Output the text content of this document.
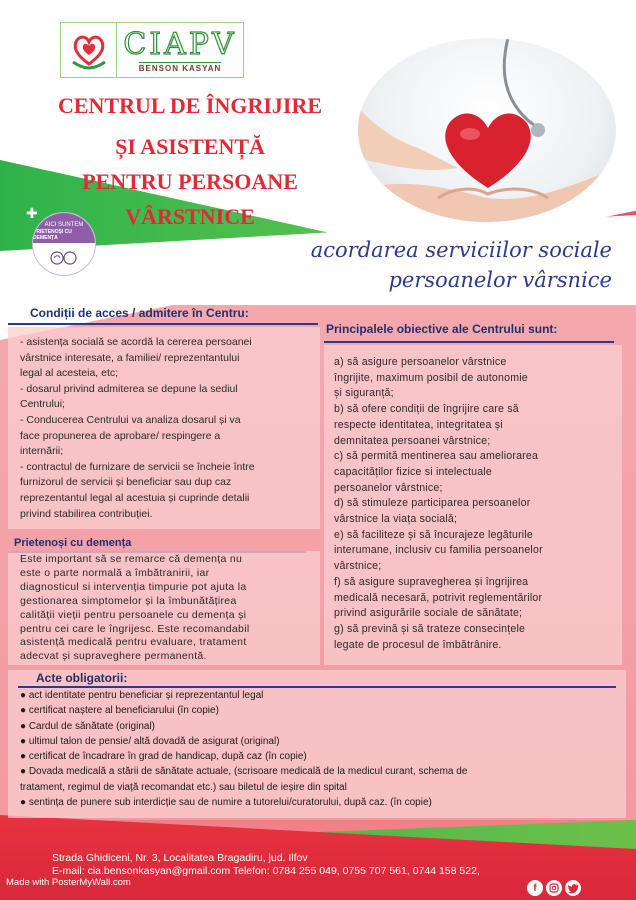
CIAPV
BENSON KASYAN
✚
✚
✚
CENTRUL DE ÎNGRIJIRE
ȘI ASISTENȚĂ
PENTRU PERSOANE
VÂRSTNICE
AICI SUNTEM
PRIETENOȘI CU DEMENȚA	acordarea serviciilor sociale
persoanelor vârsnice
Condiții de acces / admitere în Centru:
- asistența socială se acordă la cererea persoanei
vârstnice interesate, a familiei/ reprezentantului
legal al acesteia, etc;
- dosarul privind admiterea se depune la sediul
Centrului;
- Conducerea Centrului va analiza dosarul și va
face propunerea de aprobare/ respingere a
internării;
- contractul de furnizare de servicii se încheie între
furnizorul de servicii și beneficiar sau dup caz
reprezentantul legal al acestuia și cuprinde detalii
privind stabilirea contribuției.
Prietenoși cu demența
Este important să se remarce că demența nu
este o parte normală a îmbătranirii, iar
diagnosticul si intervenția timpurie pot ajuta la
gestionarea simptomelor și la îmbunătățirea
calității vieții pentru persoanele cu demența și
pentru cei care le îngrijesc. Este recomandabil
asistență medicală pentru evaluare, tratament
adecvat și supraveghere permanentă.
Principalele obiective ale Centrului sunt:
a) să asigure persoanelor vârstnice
îngrijite, maximum posibil de autonomie
și siguranță;
b) să ofere condiții de îngrijire care să
respecte identitatea, integritatea și
demnitatea persoanei vârstnice;
c) să permită mentinerea sau ameliorarea
capacităților fizice si intelectuale
persoanelor vârstnice;
d) să stimuleze participarea persoanelor
vârstnice la viața socială;
e) să faciliteze și să încurajeze legăturile
interumane, inclusiv cu familia persoanelor
vârstnice;
f) să asigure supravegherea și îngrijirea
medicală necesară, potrivit reglementărilor
privind asigurările sociale de sănătate;
g) să prevină și să trateze consecințele
legate de procesul de îmbătrânire.
Acte obligatorii:
● act identitate pentru beneficiar și reprezentantul legal
● certificat naștere al beneficiarului (în copie)
● Cardul de sănătate (original)
● ultimul talon de pensie/ altă dovadă de asigurat (original)
● certificat de încadrare în grad de handicap, după caz (în copie)
● Dovada medicală a stării de sănătate actuale, (scrisoare medicală de la medicul curant, schema de
tratament, regimul de viață recomandat etc.) sau biletul de ieșire din spital
● sentința de punere sub interdicție sau de numire a tutorelui/curatorului, după caz. (în copie)
Strada Ghidiceni, Nr. 3, Localitatea Bragadiru, jud. Ilfov
E-mail: cia.bensonkasyan@gmail.com Telefon: 0784 255 049, 0755 707 561, 0744 158 522,
Made with PosterMyWall.com	f
